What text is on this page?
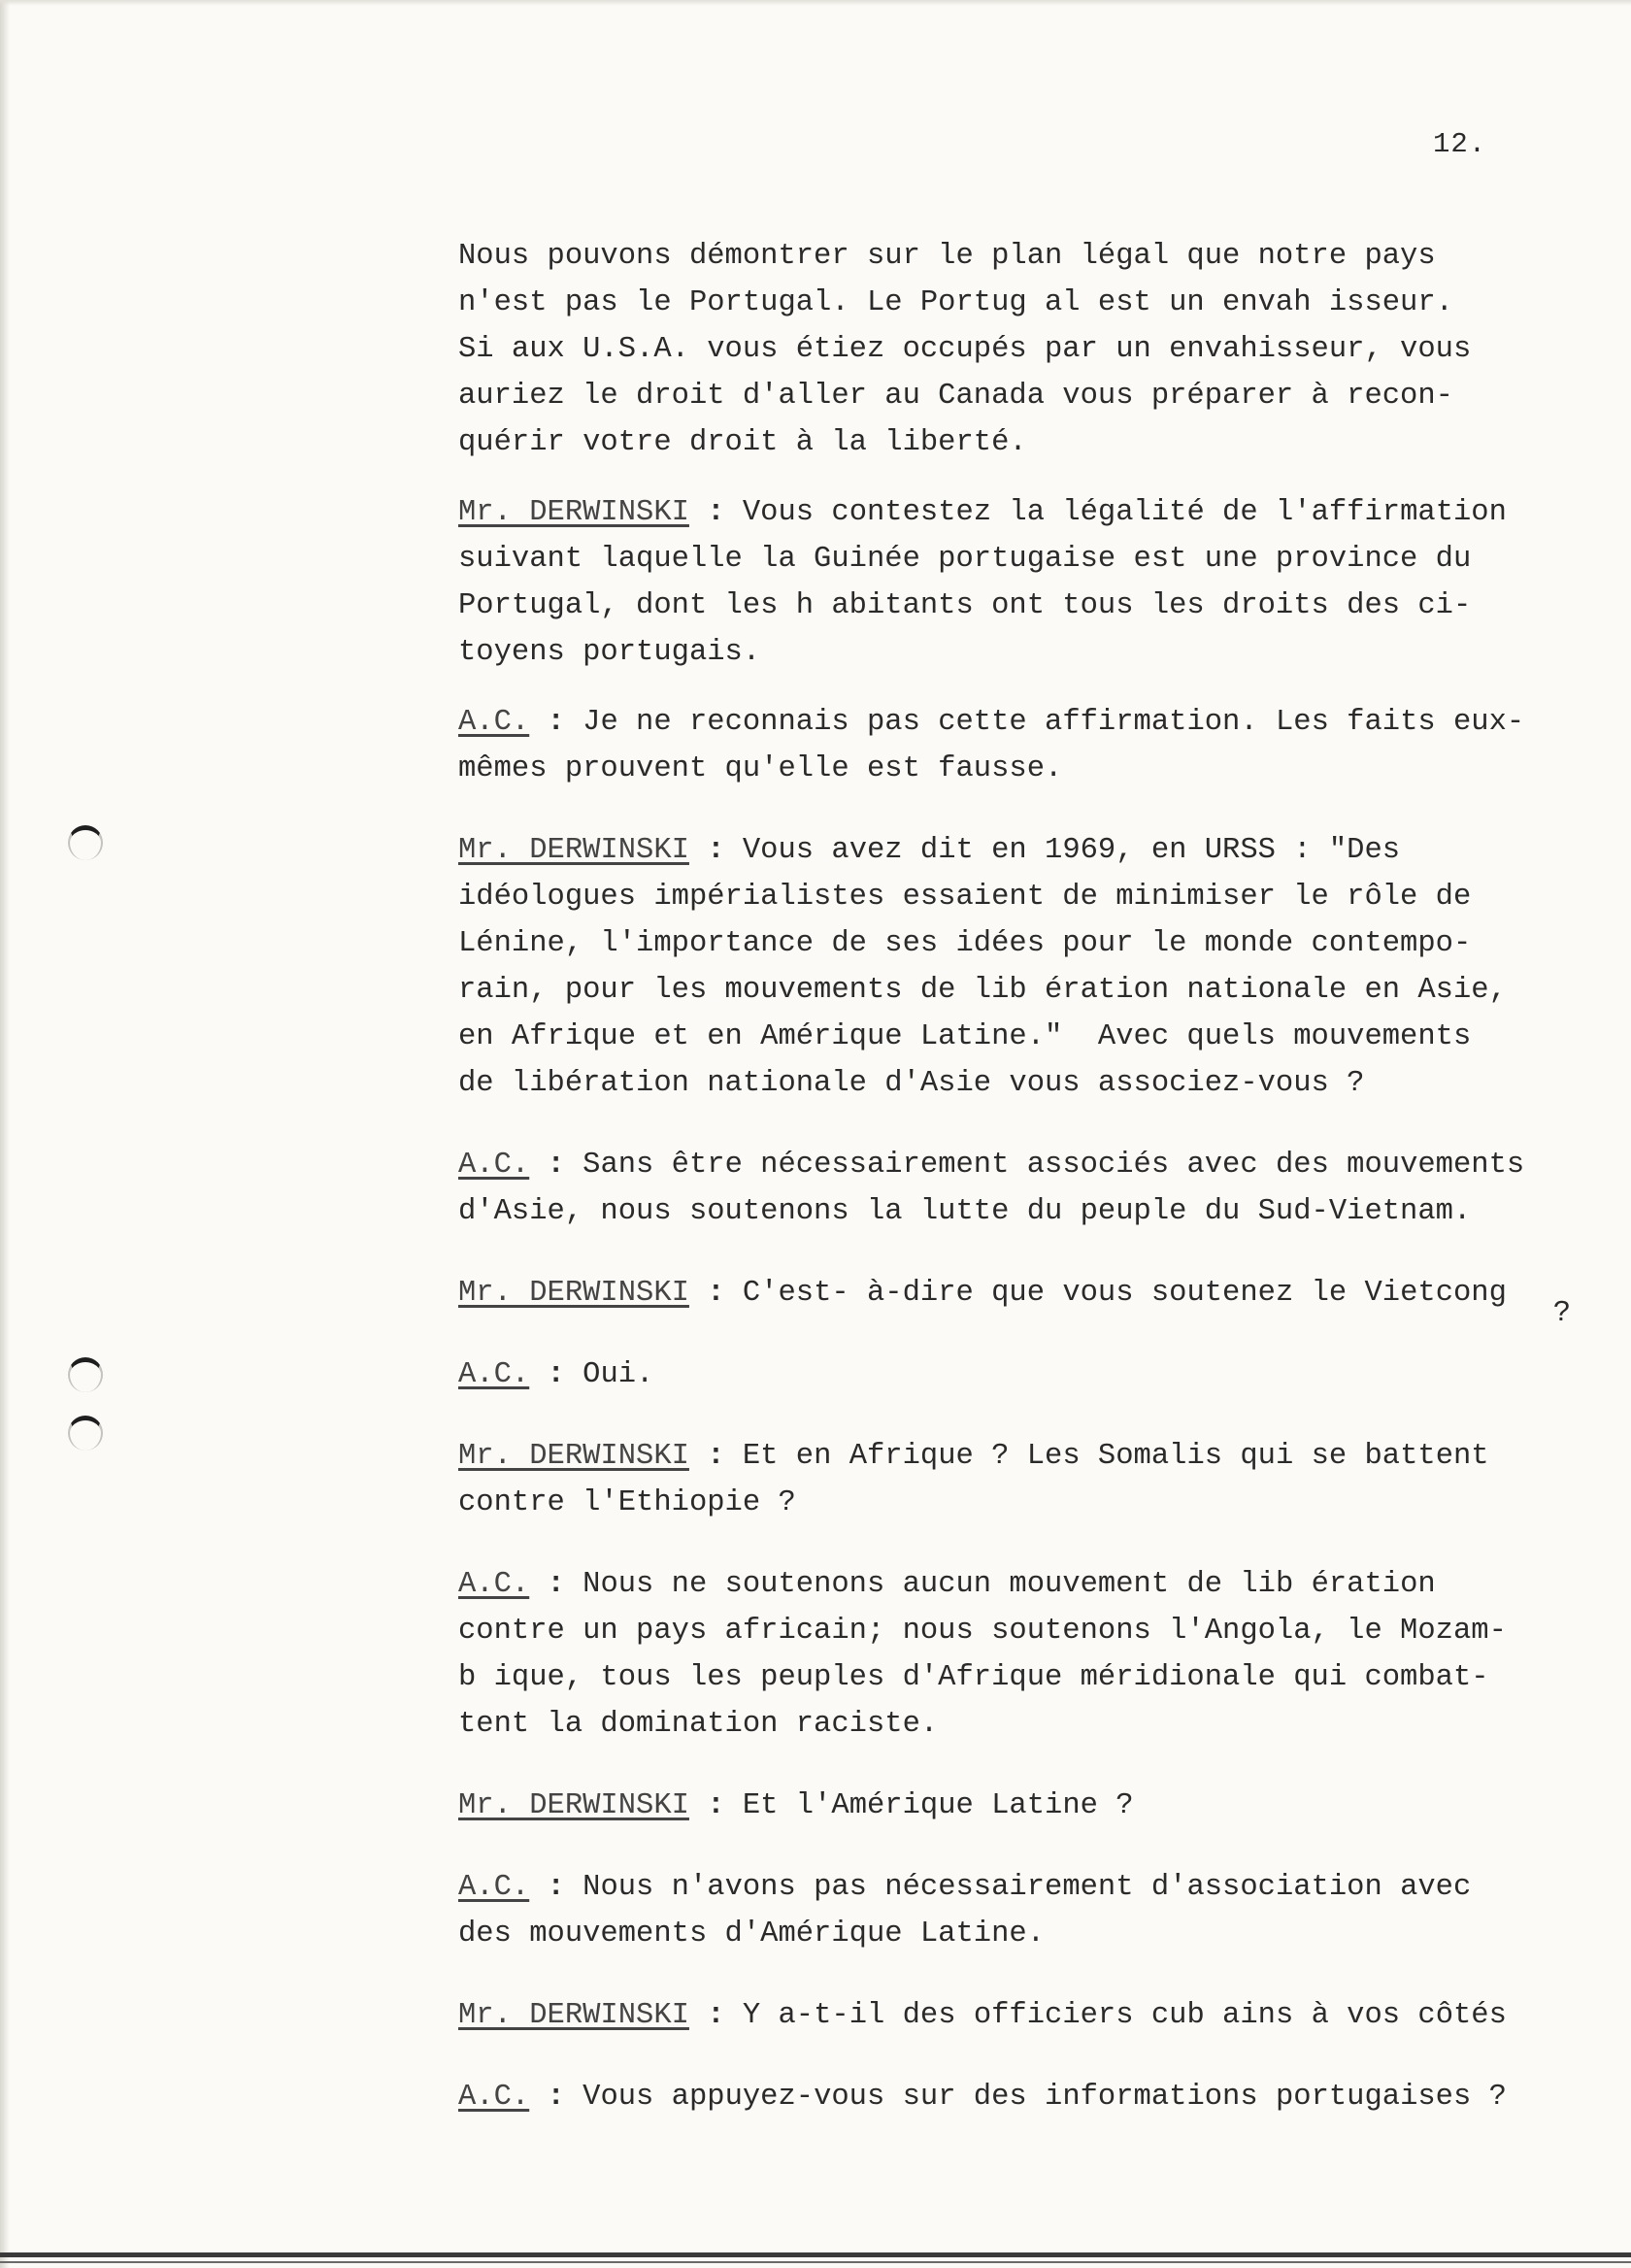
12.

Nous pouvons démontrer sur le plan légal que notre pays
n'est pas le Portugal. Le Portug al est un envah isseur.
Si aux U.S.A. vous étiez occupés par un envahisseur, vous
auriez le droit d'aller au Canada vous préparer à recon-
quérir votre droit à la liberté.

Mr. DERWINSKI : Vous contestez la légalité de l'affirmation
suivant laquelle la Guinée portugaise est une province du
Portugal, dont les h abitants ont tous les droits des ci-
toyens portugais.

A.C. : Je ne reconnais pas cette affirmation. Les faits eux-
mêmes prouvent qu'elle est fausse.

Mr. DERWINSKI : Vous avez dit en 1969, en URSS : "Des
idéologues impérialistes essaient de minimiser le rôle de
Lénine, l'importance de ses idées pour le monde contempo-
rain, pour les mouvements de lib ération nationale en Asie,
en Afrique et en Amérique Latine."  Avec quels mouvements
de libération nationale d'Asie vous associez-vous ?

A.C. : Sans être nécessairement associés avec des mouvements
d'Asie, nous soutenons la lutte du peuple du Sud-Vietnam.

Mr. DERWINSKI : C'est- à-dire que vous soutenez le Vietcong
?

A.C. : Oui.

Mr. DERWINSKI : Et en Afrique ? Les Somalis qui se battent
contre l'Ethiopie ?

A.C. : Nous ne soutenons aucun mouvement de lib ération
contre un pays africain; nous soutenons l'Angola, le Mozam-
b ique, tous les peuples d'Afrique méridionale qui combat-
tent la domination raciste.

Mr. DERWINSKI : Et l'Amérique Latine ?

A.C. : Nous n'avons pas nécessairement d'association avec
des mouvements d'Amérique Latine.

Mr. DERWINSKI : Y a-t-il des officiers cub ains à vos côtés

A.C. : Vous appuyez-vous sur des informations portugaises ?
